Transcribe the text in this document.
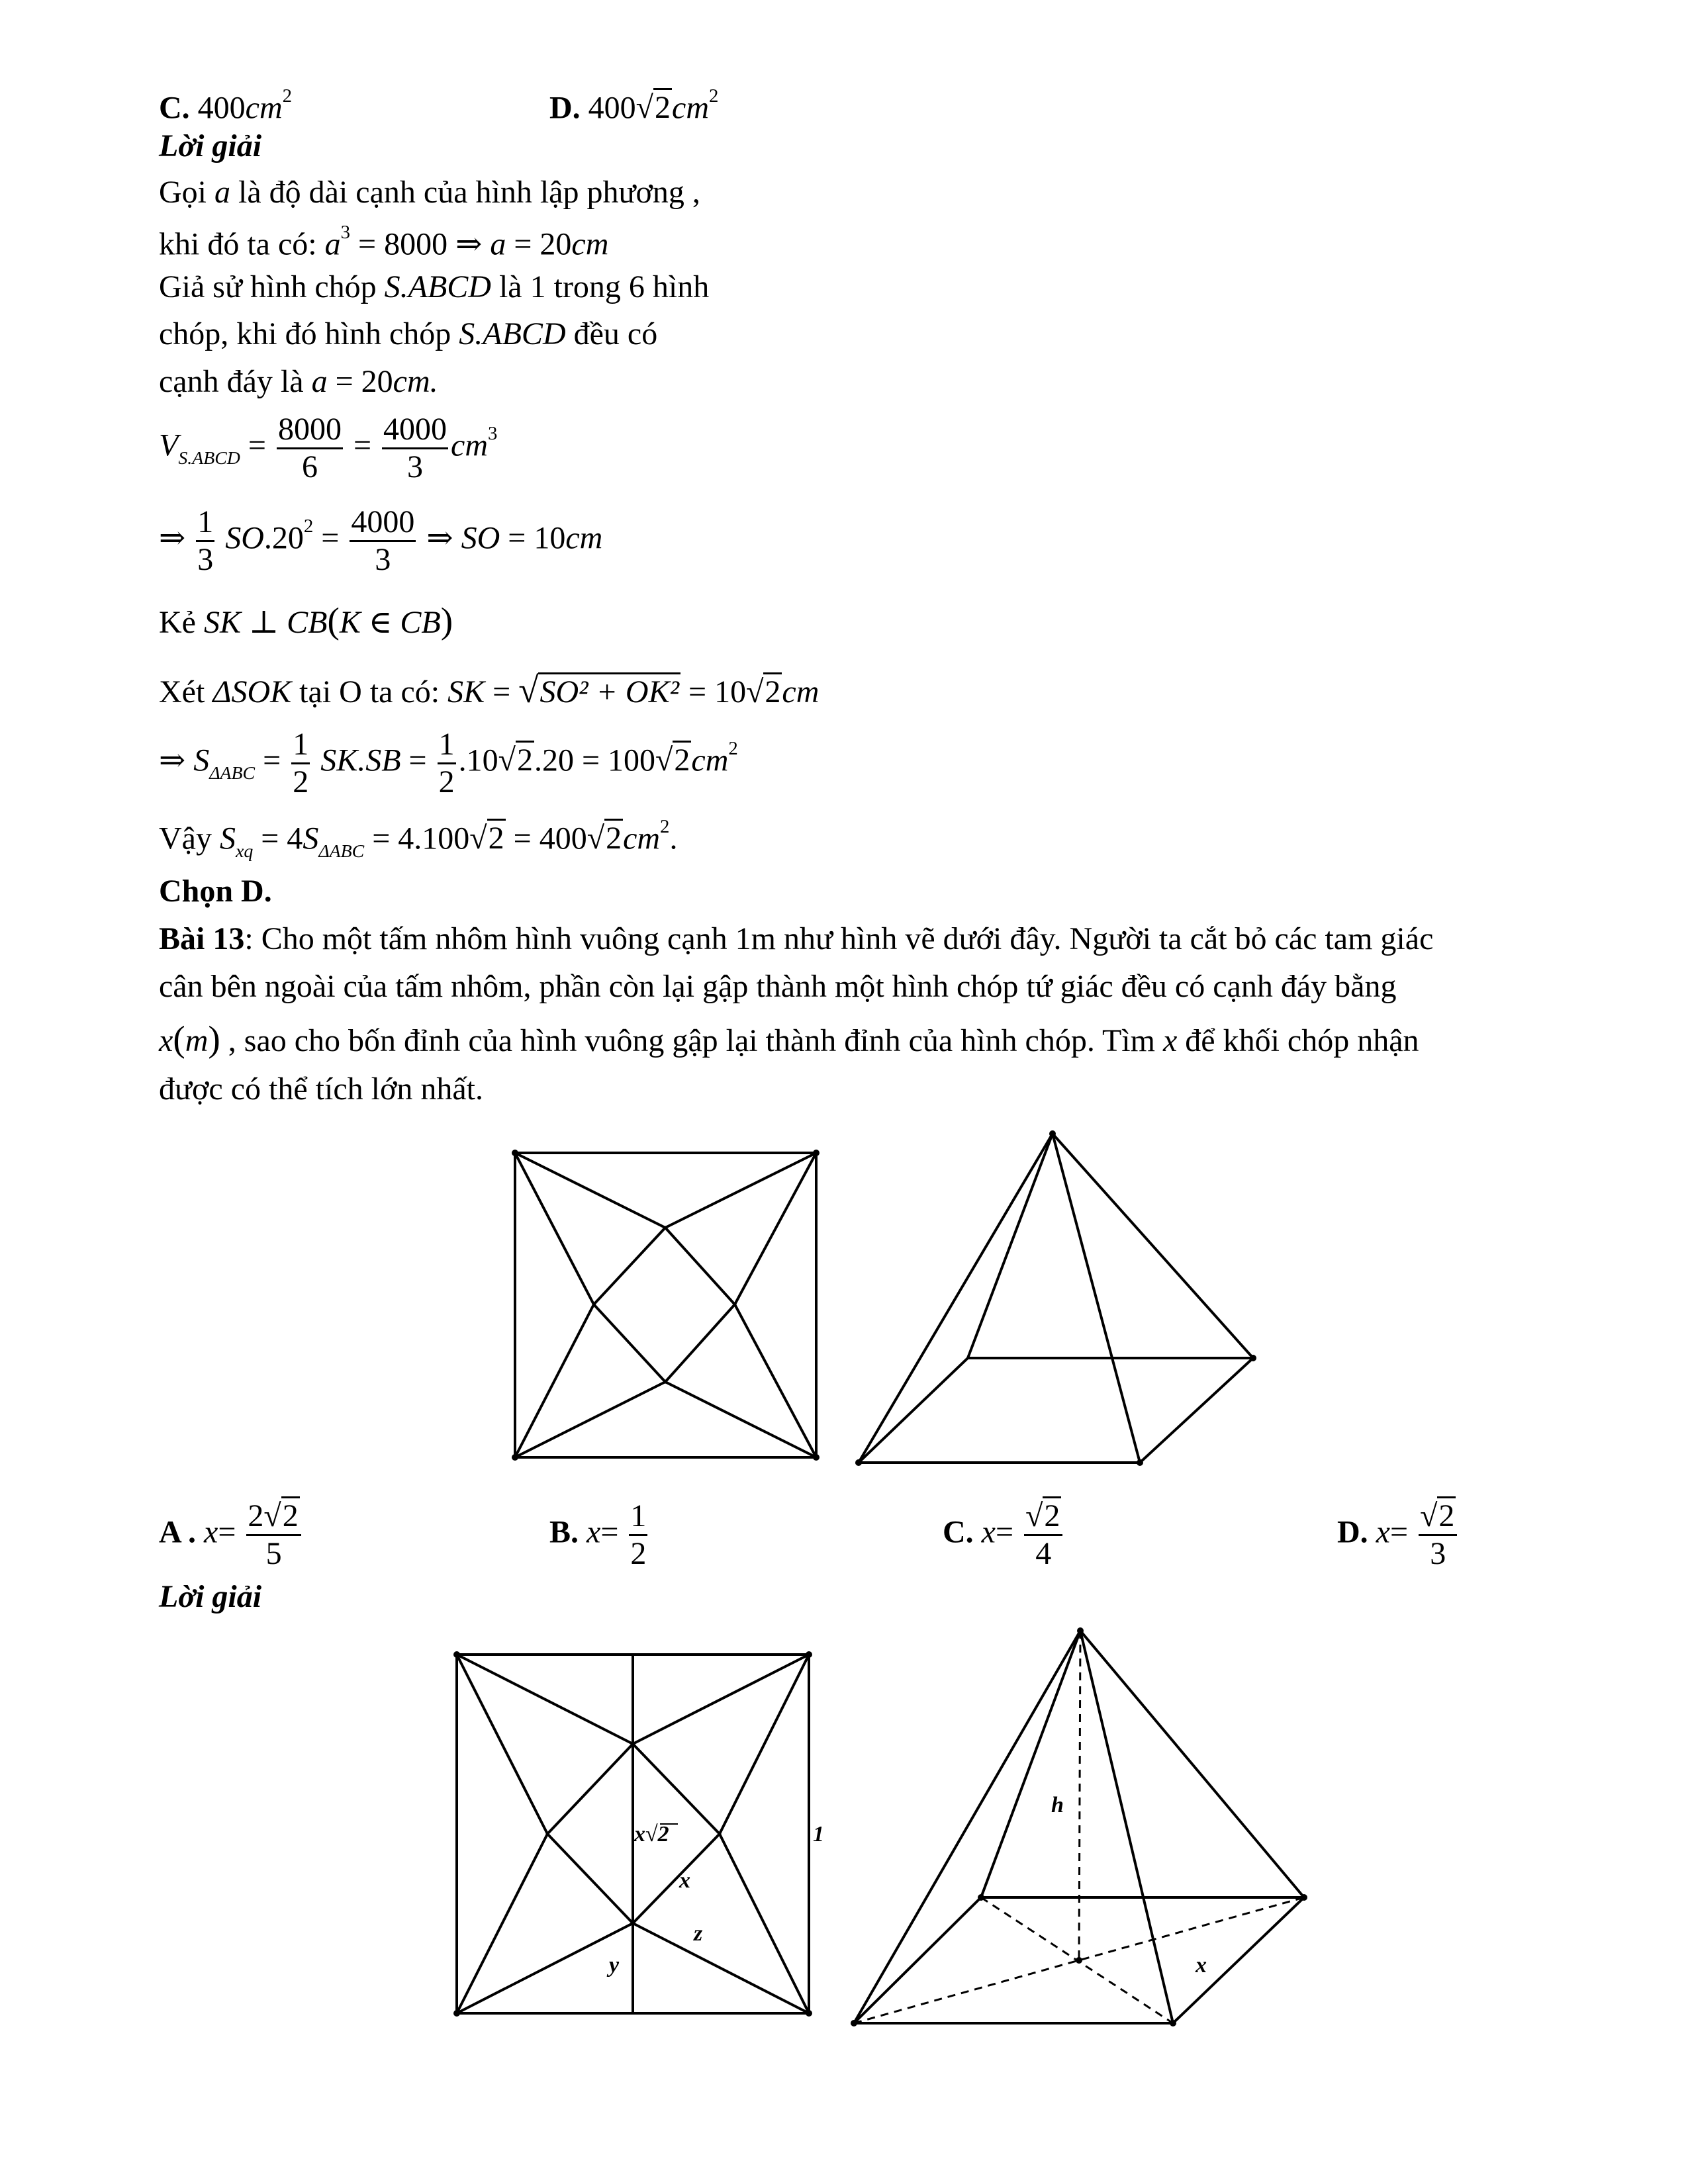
C. $400cm^2$	D. $400√2cm^2$
Lời giải
Gọi a là độ dài cạnh của hình lập phương ,
khi đó ta có: $a^3 = 8000$ ⇒ a = 20cm
Giả sử hình chóp S.ABCD là 1 trong 6 hình
chóp, khi đó hình chóp S.ABCD đều có
cạnh đáy là a = 20cm.
$V_{S.ABCD} = \frac{8000}{6} = \frac{4000}{3} cm^3$
⇒ $\frac{1}{3} SO.20^2 = \frac{4000}{3}$ ⇒ SO = 10cm
Kẻ SK ⊥ CB(K ∈ CB)
Xét ΔSOK tại O ta có: SK = √SO² + OK² = 10√2cm
⇒ $S_{\Delta ABC} = \frac{1}{2} SK.SB = \frac{1}{2} .10√2.20 = 100√2cm^2$
Vậy $S_{xq} = 4S_{\Delta ABC} = 4.100√2 = 400√2cm^2$.
Chọn D.
Bài 13: Cho một tấm nhôm hình vuông cạnh 1m như hình vẽ dưới đây. Người ta cắt bỏ các tam giác
cân bên ngoài của tấm nhôm, phần còn lại gập thành một hình chóp tứ giác đều có cạnh đáy bằng
x(m) , sao cho bốn đỉnh của hình vuông gập lại thành đỉnh của hình chóp. Tìm x để khối chóp nhận
được có thể tích lớn nhất.
A . $x= \frac{2√2}{5}$	B. $x= \frac{1}{2}$	C. $x= \frac{√2}{4}$	D. $x= \frac{√2}{3}$
Lời giải
x√2	1
x
z
y
h
x
